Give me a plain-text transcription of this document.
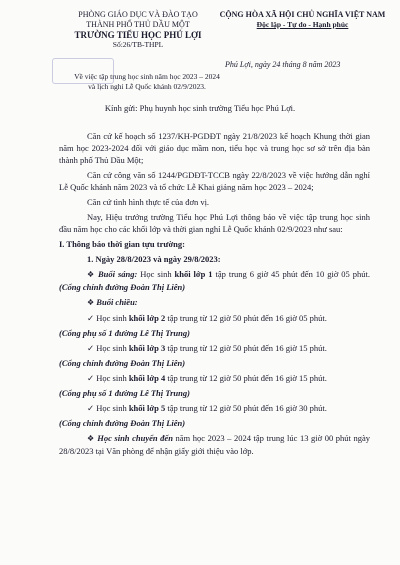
PHÒNG GIÁO DỤC VÀ ĐÀO TẠO
THÀNH PHỐ THỦ DẦU MỘT
TRƯỜNG TIỂU HỌC PHÚ LỢI
Số:26/TB-THPL
CỘNG HÒA XÃ HỘI CHỦ NGHĨA VIỆT NAM
Độc lập - Tự do - Hạnh phúc
Phú Lợi, ngày 24 tháng 8 năm 2023
Về việc tập trung học sinh năm học 2023 – 2024
và lịch nghỉ Lễ Quốc khánh 02/9/2023.
Kính gửi: Phụ huynh học sinh trường Tiểu học Phú Lợi.

Căn cứ kế hoạch số 1237/KH-PGDĐT ngày 21/8/2023 kế hoạch Khung thời gian năm học 2023-2024 đối với giáo dục mầm non, tiểu học và trung học sơ sở trên địa bàn thành phố Thủ Dầu Một;

Căn cứ công văn số 1244/PGDĐT-TCCB ngày 22/8/2023 về việc hướng dẫn nghỉ Lễ Quốc khánh năm 2023 và tổ chức Lễ Khai giảng năm học 2023 – 2024;

Căn cứ tình hình thực tế của đơn vị.

Nay, Hiệu trưởng trường Tiểu học Phú Lợi thông báo về việc tập trung học sinh đầu năm học cho các khối lớp và thời gian nghỉ Lễ Quốc khánh 02/9/2023 như sau:

I. Thông báo thời gian tựu trường:

1. Ngày 28/8/2023 và ngày 29/8/2023:

❖ Buổi sáng: Học sinh khối lớp 1 tập trung 6 giờ 45 phút đến 10 giờ 05 phút. (Cổng chính đường Đoàn Thị Liên)

❖ Buổi chiều:

✓ Học sinh khối lớp 2 tập trung từ 12 giờ 50 phút đến 16 giờ 05 phút.

(Cổng phụ số 1 đường Lê Thị Trung)

✓ Học sinh khối lớp 3 tập trung từ 12 giờ 50 phút đến 16 giờ 15 phút.

(Cổng chính đường Đoàn Thị Liên)

✓ Học sinh khối lớp 4 tập trung từ 12 giờ 50 phút đến 16 giờ 15 phút.

(Cổng phụ số 1 đường Lê Thị Trung)

✓ Học sinh khối lớp 5 tập trung từ 12 giờ 50 phút đến 16 giờ 30 phút.

(Cổng chính đường Đoàn Thị Liên)

❖ Học sinh chuyển đến năm học 2023 – 2024 tập trung lúc 13 giờ 00 phút ngày 28/8/2023 tại Văn phòng để nhận giấy giới thiệu vào lớp.
